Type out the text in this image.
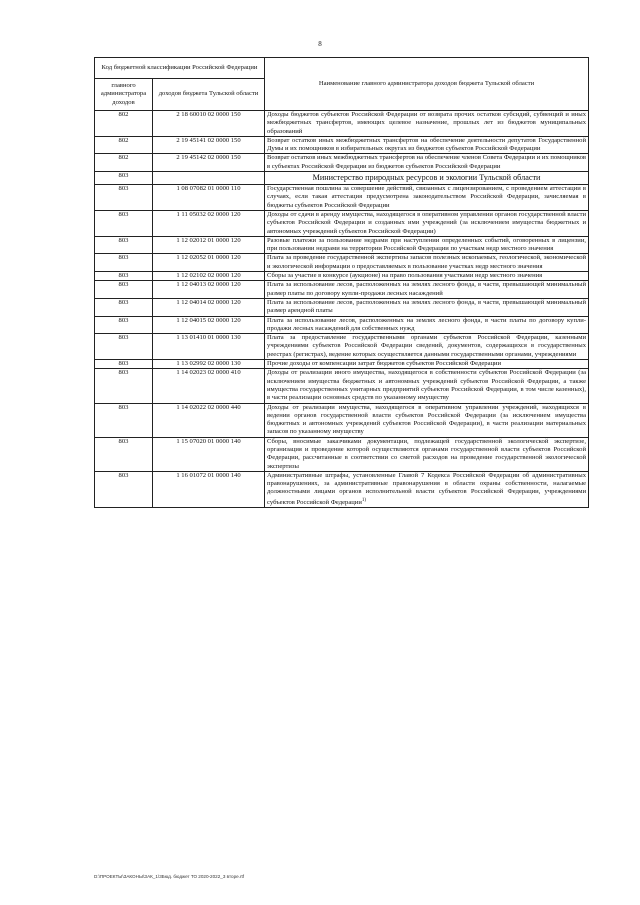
8
Код бюджетной классификации Российской Федерации		Наименование главного администратора доходов бюджета Тульской области
главного администратора доходов	доходов бюджета Тульской области	
802	2 18 60010 02 0000 150	Доходы бюджетов субъектов Российской Федерации от возврата прочих остатков субсидий, субвенций и иных межбюджетных трансфертов, имеющих целевое назначение, прошлых лет из бюджетов муниципальных образований
802	2 19 45141 02 0000 150	Возврат остатков иных межбюджетных трансфертов на обеспечение деятельности депутатов Государственной Думы и их помощников в избирательных округах из бюджетов субъектов Российской Федерации
802	2 19 45142 02 0000 150	Возврат остатков иных межбюджетных трансфертов на обеспечение членов Совета Федерации и их помощников в субъектах Российской Федерации из бюджетов субъектов Российской Федерации
803		Министерство природных ресурсов и экологии Тульской области
803	1 08 07082 01 0000 110	Государственная пошлина за совершение действий, связанных с лицензированием, с проведением аттестации в случаях, если такая аттестация предусмотрена законодательством Российской Федерации, зачисляемая в бюджеты субъектов Российской Федерации
803	1 11 05032 02 0000 120	Доходы от сдачи в аренду имущества, находящегося в оперативном управлении органов государственной власти субъектов Российской Федерации и созданных ими учреждений (за исключением имущества бюджетных и автономных учреждений субъектов Российской Федерации)
803	1 12 02012 01 0000 120	Разовые платежи за пользование недрами при наступлении определенных событий, оговоренных в лицензии, при пользовании недрами на территории Российской Федерации по участкам недр местного значения
803	1 12 02052 01 0000 120	Плата за проведение государственной экспертизы запасов полезных ископаемых, геологической, экономической и экологической информации о предоставляемых в пользование участках недр местного значения
803	1 12 02102 02 0000 120	Сборы за участие в конкурсе (аукционе) на право пользования участками недр местного значения
803	1 12 04013 02 0000 120	Плата за использование лесов, расположенных на землях лесного фонда, в части, превышающей минимальный размер платы по договору купли-продажи лесных насаждений
803	1 12 04014 02 0000 120	Плата за использование лесов, расположенных на землях лесного фонда, в части, превышающей минимальный размер арендной платы
803	1 12 04015 02 0000 120	Плата за использование лесов, расположенных на землях лесного фонда, в части платы по договору купли-продажи лесных насаждений для собственных нужд
803	1 13 01410 01 0000 130	Плата за предоставление государственными органами субъектов Российской Федерации, казенными учреждениями субъектов Российской Федерации сведений, документов, содержащихся в государственных реестрах (регистрах), ведение которых осуществляется данными государственными органами, учреждениями
803	1 13 02992 02 0000 130	Прочие доходы от компенсации затрат бюджетов субъектов Российской Федерации
803	1 14 02023 02 0000 410	Доходы от реализации иного имущества, находящегося в собственности субъектов Российской Федерации (за исключением имущества бюджетных и автономных учреждений субъектов Российской Федерации, а также имущества государственных унитарных предприятий субъектов Российской Федерации, в том числе казенных), в части реализации основных средств по указанному имуществу
803	1 14 02022 02 0000 440	Доходы от реализации имущества, находящегося в оперативном управлении учреждений, находящихся в ведении органов государственной власти субъектов Российской Федерации (за исключением имущества бюджетных и автономных учреждений субъектов Российской Федерации), в части реализации материальных запасов по указанному имуществу
803	1 15 07020 01 0000 140	Сборы, вносимые заказчиками документации, подлежащей государственной экологической экспертизе, организация и проведение которой осуществляются органами государственной власти субъектов Российской Федерации, рассчитанные в соответствии со сметой расходов на проведение государственной экологической экспертизы
803	1 16 01072 01 0000 140	Административные штрафы, установленные Главой 7 Кодекса Российской Федерации об административных правонарушениях, за административные правонарушения в области охраны собственности, налагаемые должностными лицами органов исполнительной власти субъектов Российской Федерации, учреждениями субъектов Российской Федерации$^{1)}$
D:\ПРОЕКТЫ\ЗАКОНЫ\ЗАК_1\3Бюд. бюджет ТО 2020-2022_3 вторе.rtf
